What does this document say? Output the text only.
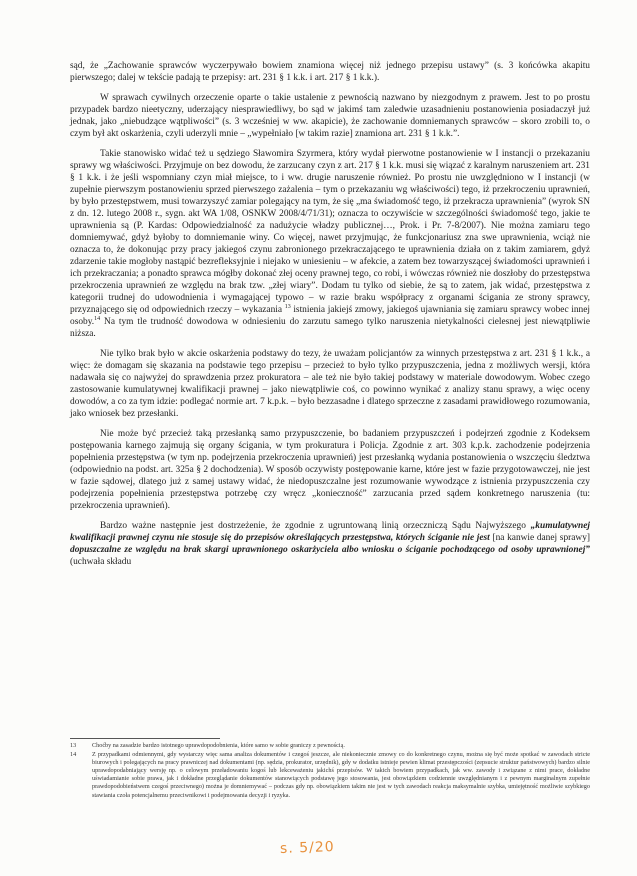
sąd, że „Zachowanie sprawców wyczerpywało bowiem znamiona więcej niż jednego przepisu ustawy” (s. 3 końcówka akapitu pierwszego; dalej w tekście padają te przepisy: art. 231 § 1 k.k. i art. 217 § 1 k.k.).

W sprawach cywilnych orzeczenie oparte o takie ustalenie z pewnością nazwano by niezgodnym z prawem. Jest to po prostu przypadek bardzo nieetyczny, uderzający niesprawiedliwy, bo sąd w jakimś tam zaledwie uzasadnieniu postanowienia posiadaczył już jednak, jako „niebudzące wątpliwości” (s. 3 wcześniej w ww. akapicie), że zachowanie domniemanych sprawców – skoro zrobili to, o czym był akt oskarżenia, czyli uderzyli mnie – „wypełniało [w takim razie] znamiona art. 231 § 1 k.k.”.

Takie stanowisko widać też u sędziego Sławomira Szyrmera, który wydał pierwotne postanowienie w I instancji o przekazaniu sprawy wg właściwości. Przyjmuje on bez dowodu, że zarzucany czyn z art. 217 § 1 k.k. musi się wiązać z karalnym naruszeniem art. 231 § 1 k.k. i że jeśli wspomniany czyn miał miejsce, to i ww. drugie naruszenie również. Po prostu nie uwzględniono w I instancji (w zupełnie pierwszym postanowieniu sprzed pierwszego zażalenia – tym o przekazaniu wg właściwości) tego, iż przekroczeniu uprawnień, by było przestępstwem, musi towarzyszyć zamiar polegający na tym, że się „ma świadomość tego, iż przekracza uprawnienia” (wyrok SN z dn. 12. lutego 2008 r., sygn. akt WA 1/08, OSNKW 2008/4/71/31); oznacza to oczywiście w szczególności świadomość tego, jakie te uprawnienia są (P. Kardas: Odpowiedzialność za nadużycie władzy publicznej…, Prok. i Pr. 7-8/2007). Nie można zamiaru tego domniemywać, gdyż byłoby to domniemanie winy. Co więcej, nawet przyjmując, że funkcjonariusz zna swe uprawnienia, wciąż nie oznacza to, że dokonując przy pracy jakiegoś czynu zabronionego przekraczającego te uprawnienia działa on z takim zamiarem, gdyż zdarzenie takie mogłoby nastąpić bezrefleksyjnie i niejako w uniesieniu – w afekcie, a zatem bez towarzyszącej świadomości uprawnień i ich przekraczania; a ponadto sprawca mógłby dokonać złej oceny prawnej tego, co robi, i wówczas również nie doszłoby do przestępstwa przekroczenia uprawnień ze względu na brak tzw. „złej wiary”. Dodam tu tylko od siebie, że są to zatem, jak widać, przestępstwa z kategorii trudnej do udowodnienia i wymagającej typowo – w razie braku współpracy z organami ścigania ze strony sprawcy, przyznającego się od odpowiednich rzeczy – wykazania $^{13}$ istnienia jakiejś zmowy, jakiegoś ujawniania się zamiaru sprawcy wobec innej osoby.$^{14}$ Na tym tle trudność dowodowa w odniesieniu do zarzutu samego tylko naruszenia nietykalności cielesnej jest niewątpliwie niższa.

Nie tylko brak było w akcie oskarżenia podstawy do tezy, że uważam policjantów za winnych przestępstwa z art. 231 § 1 k.k., a więc: że domagam się skazania na podstawie tego przepisu – przecież to było tylko przypuszczenia, jedna z możliwych wersji, która nadawała się co najwyżej do sprawdzenia przez prokuratora – ale też nie było takiej podstawy w materiale dowodowym. Wobec czego zastosowanie kumulatywnej kwalifikacji prawnej – jako niewątpliwie coś, co powinno wynikać z analizy stanu sprawy, a więc oceny dowodów, a co za tym idzie: podlegać normie art. 7 k.p.k. – było bezzasadne i dlatego sprzeczne z zasadami prawidłowego rozumowania, jako wniosek bez przesłanki.

Nie może być przecież taką przesłanką samo przypuszczenie, bo badaniem przypuszczeń i podejrzeń zgodnie z Kodeksem postępowania karnego zajmują się organy ścigania, w tym prokuratura i Policja. Zgodnie z art. 303 k.p.k. zachodzenie podejrzenia popełnienia przestępstwa (w tym np. podejrzenia przekroczenia uprawnień) jest przesłanką wydania postanowienia o wszczęciu śledztwa (odpowiednio na podst. art. 325a § 2 dochodzenia). W sposób oczywisty postępowanie karne, które jest w fazie przygotowawczej, nie jest w fazie sądowej, dlatego już z samej ustawy widać, że niedopuszczalne jest rozumowanie wywodzące z istnienia przypuszczenia czy podejrzenia popełnienia przestępstwa potrzebę czy wręcz „konieczność” zarzucania przed sądem konkretnego naruszenia (tu: przekroczenia uprawnień).

Bardzo ważne następnie jest dostrzeżenie, że zgodnie z ugruntowaną linią orzeczniczą Sądu Najwyższego „kumulatywnej kwalifikacji prawnej czynu nie stosuje się do przepisów określających przestępstwa, których ściganie nie jest [na kanwie danej sprawy] dopuszczalne ze względu na brak skargi uprawnionego oskarżyciela albo wniosku o ściganie pochodzącego od osoby uprawnionej” (uchwała składu

13	Choćby na zasadzie bardzo istotnego uprawdopodobnienia, które samo w sobie graniczy z pewnością.
14	Z przypadkami odmiennymi, gdy wystarczy więc sama analiza dokumentów i czegoś jeszcze, ale niekoniecznie zmowy co do konkretnego czynu, można się być może spotkać w zawodach stricte biurowych i polegających na pracy prawniczej nad dokumentami (np. sędzia, prokurator, urzędnik), gdy w dodatku istnieje pewien klimat przestępczości (zepsucie struktur państwowych) bardzo silnie uprawdopodabniający wersję np. o celowym przeładowaniu kogoś lub lekceważeniu jakichś przepisów. W takich bowiem przypadkach, jak ww. zawody i związane z nimi prace, dokładne uświadamianie sobie prawa, jak i dokładne przeglądanie dokumentów stanowiących podstawę jego stosowania, jest obowiązkiem codziennie uwzględnianym i z pewnym marginalnym zupełnie prawdopodobieństwem czegoś przeciwnego) można je domniemywać – podczas gdy np. obowiązkiem takim nie jest w tych zawodach reakcja maksymalnie szybka, umiejętność możliwie szybkiego stawiania czoła potencjalnemu przeciwnikowi i podejmowania decyzji i ryzyka.
s. 5/20
